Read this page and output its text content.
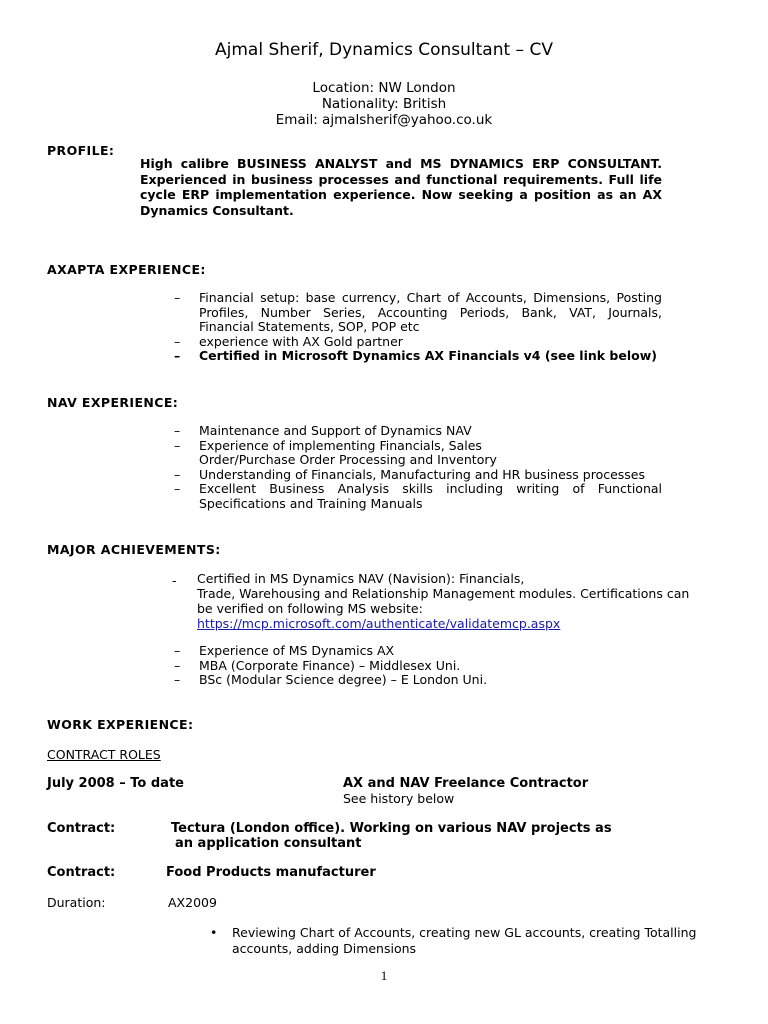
Ajmal Sherif, Dynamics Consultant – CV
Location: NW London
Nationality: British
Email: ajmalsherif@yahoo.co.uk
PROFILE:
High calibre BUSINESS ANALYST and MS DYNAMICS ERP CONSULTANT. Experienced in business processes and functional requirements. Full life cycle ERP implementation experience. Now seeking a position as an AX Dynamics Consultant.
AXAPTA EXPERIENCE:
– Financial setup: base currency, Chart of Accounts, Dimensions, Posting Profiles, Number Series, Accounting Periods, Bank, VAT, Journals, Financial Statements, SOP, POP etc
– experience with AX Gold partner
– Certified in Microsoft Dynamics AX Financials v4 (see link below)
NAV EXPERIENCE:
– Maintenance and Support of Dynamics NAV
– Experience of implementing Financials, Sales Order/Purchase Order Processing and Inventory
– Understanding of Financials, Manufacturing and HR business processes
– Excellent Business Analysis skills including writing of Functional Specifications and Training Manuals
MAJOR ACHIEVEMENTS:
- Certified in MS Dynamics NAV (Navision): Financials,
Trade, Warehousing and Relationship Management modules. Certifications can
be verified on following MS website:
https://mcp.microsoft.com/authenticate/validatemcp.aspx
– Experience of MS Dynamics AX
– MBA (Corporate Finance) – Middlesex Uni.
– BSc (Modular Science degree) – E London Uni.
WORK EXPERIENCE:
CONTRACT ROLES
July 2008 – To date	AX and NAV Freelance Contractor
See history below
Contract:	Tectura (London office). Working on various NAV projects as
an application consultant
Contract:	Food Products manufacturer
Duration:	AX2009
•	Reviewing Chart of Accounts, creating new GL accounts, creating Totalling accounts, adding Dimensions
1
